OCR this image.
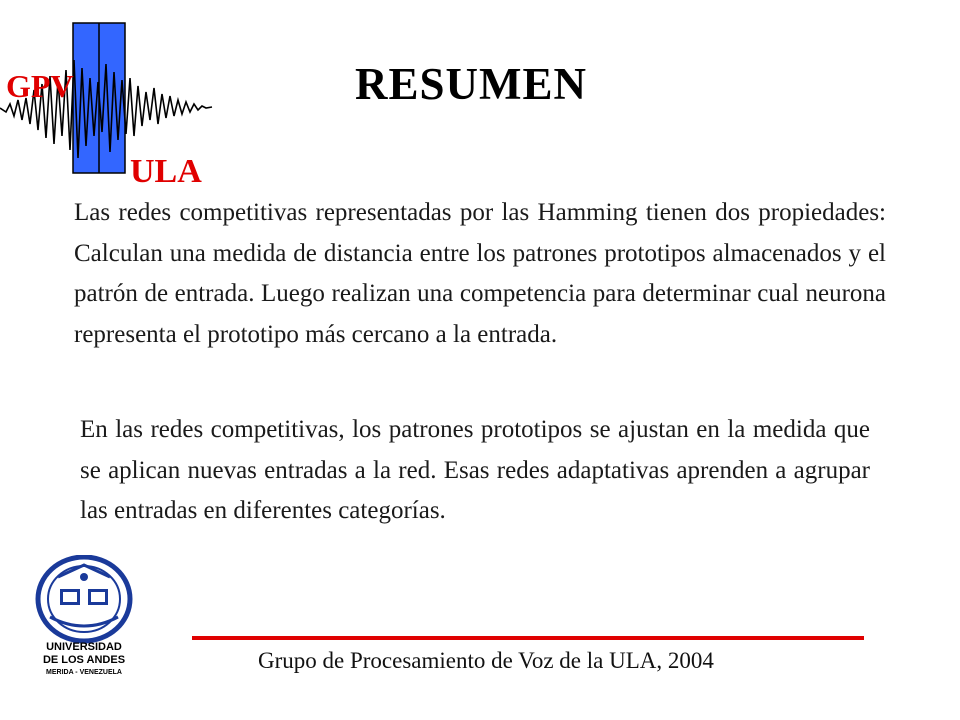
GPV
ULA
RESUMEN
Las redes competitivas representadas por las Hamming tienen dos propiedades: Calculan una medida de distancia entre los patrones prototipos almacenados y el patrón de entrada. Luego realizan una competencia para determinar cual neurona representa el prototipo más cercano a la entrada.
En las redes competitivas, los patrones prototipos se ajustan en la medida que se aplican nuevas entradas a la red. Esas redes adaptativas aprenden a agrupar las entradas en diferentes categorías.
UNIVERSIDAD
DE LOS ANDES
MERIDA - VENEZUELA	Grupo de Procesamiento de Voz de la ULA, 2004
